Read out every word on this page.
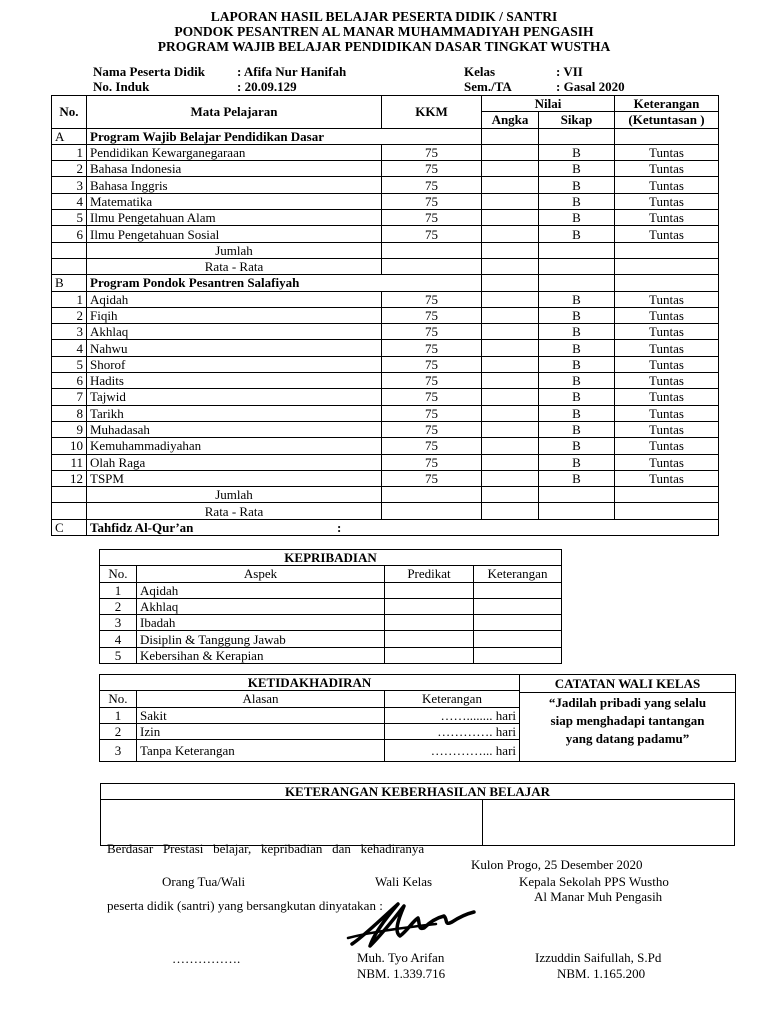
LAPORAN HASIL BELAJAR PESERTA DIDIK / SANTRI
PONDOK PESANTREN AL MANAR MUHAMMADIYAH PENGASIH
PROGRAM WAJIB BELAJAR PENDIDIKAN DASAR TINGKAT WUSTHA
Nama Peserta Didik : Afifa Nur Hanifah
No. Induk	: 20.09.129
Kelas	: VII
Sem./TA	: Gasal 2020
No.	Mata Pelajaran	KKM	Nilai		Keterangan
			Angka	Sikap	(Ketuntasan )
A	Program Wajib Belajar Pendidikan Dasar				
1	Pendidikan Kewarganegaraan	75		B	Tuntas
2	Bahasa Indonesia	75		B	Tuntas
3	Bahasa Inggris	75		B	Tuntas
4	Matematika	75		B	Tuntas
5	Ilmu Pengetahuan Alam	75		B	Tuntas
6	Ilmu Pengetahuan Sosial	75		B	Tuntas
	Jumlah				
	Rata - Rata				
B	Program Pondok Pesantren Salafiyah				
1	Aqidah	75		B	Tuntas
2	Fiqih	75		B	Tuntas
3	Akhlaq	75		B	Tuntas
4	Nahwu	75		B	Tuntas
5	Shorof	75		B	Tuntas
6	Hadits	75		B	Tuntas
7	Tajwid	75		B	Tuntas
8	Tarikh	75		B	Tuntas
9	Muhadasah	75		B	Tuntas
10	Kemuhammadiyahan	75		B	Tuntas
11	Olah Raga	75		B	Tuntas
12	TSPM	75		B	Tuntas
	Jumlah				
	Rata - Rata				
C	Tahfidz Al-Qur’an :				
KEPRIBADIAN			
No.	Aspek	Predikat	Keterangan
1	Aqidah		
2	Akhlaq		
3	Ibadah		
4	Disiplin & Tanggung Jawab		
5	Kebersihan & Kerapian		
KETIDAKHADIRAN		
No.	Alasan	Keterangan
1	Sakit	……........ hari
2	Izin	…………. hari
3	Tanpa Keterangan	…………... hari
CATATAN WALI KELAS
“Jadilah pribadi yang selalu
siap menghadapi tantangan
yang datang padamu”
KETERANGAN KEBERHASILAN BELAJAR

Berdasar   Prestasi   belajar,   kepribadian   dan   kehadiranya

peserta didik (santri) yang bersangkutan dinyatakan :

Kulon Progo, 25 Desember 2020
Orang Tua/Wali	Wali Kelas	Kepala Sekolah PPS Wustho
Al Manar Muh Pengasih
…………….	Muh. Tyo Arifan
NBM. 1.339.716
Izzuddin Saifullah, S.Pd
NBM. 1.165.200
